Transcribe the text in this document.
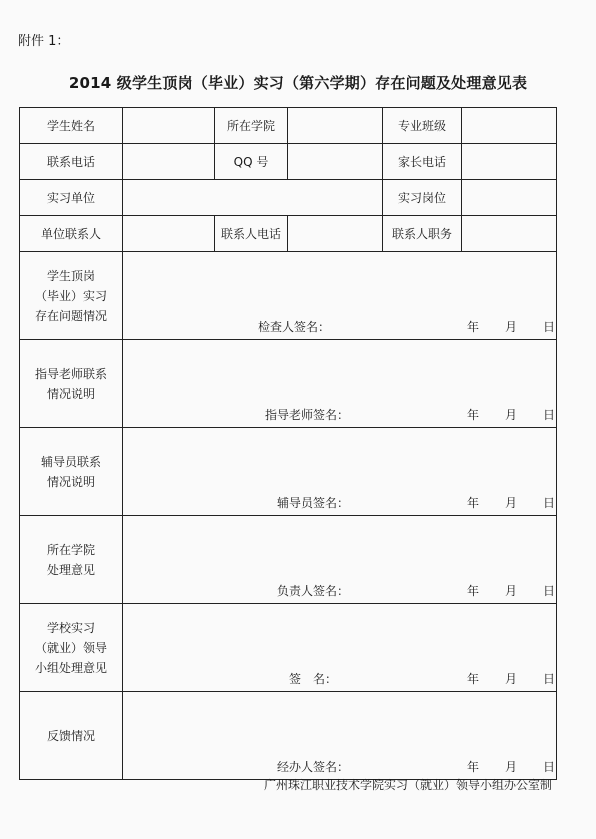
附件 1：
2014 级学生顶岗（毕业）实习（第六学期）存在问题及处理意见表
学生姓名		所在学院		专业班级	
联系电话		QQ 号		家长电话	
实习单位				实习岗位	
单位联系人		联系人电话		联系人职务	
学生顶岗
（毕业）实习
存在问题情况	检查人签名： 年 月 日				

指导老师联系
情况说明	指导老师签名： 年 月 日				

辅导员联系
情况说明	辅导员签名： 年 月 日				

所在学院
处理意见	负责人签名： 年 月 日				

学校实习
（就业）领导
小组处理意见	签　名： 年 月 日				

反馈情况	经办人签名： 年 月 日				
广州珠江职业技术学院实习（就业）领导小组办公室制
